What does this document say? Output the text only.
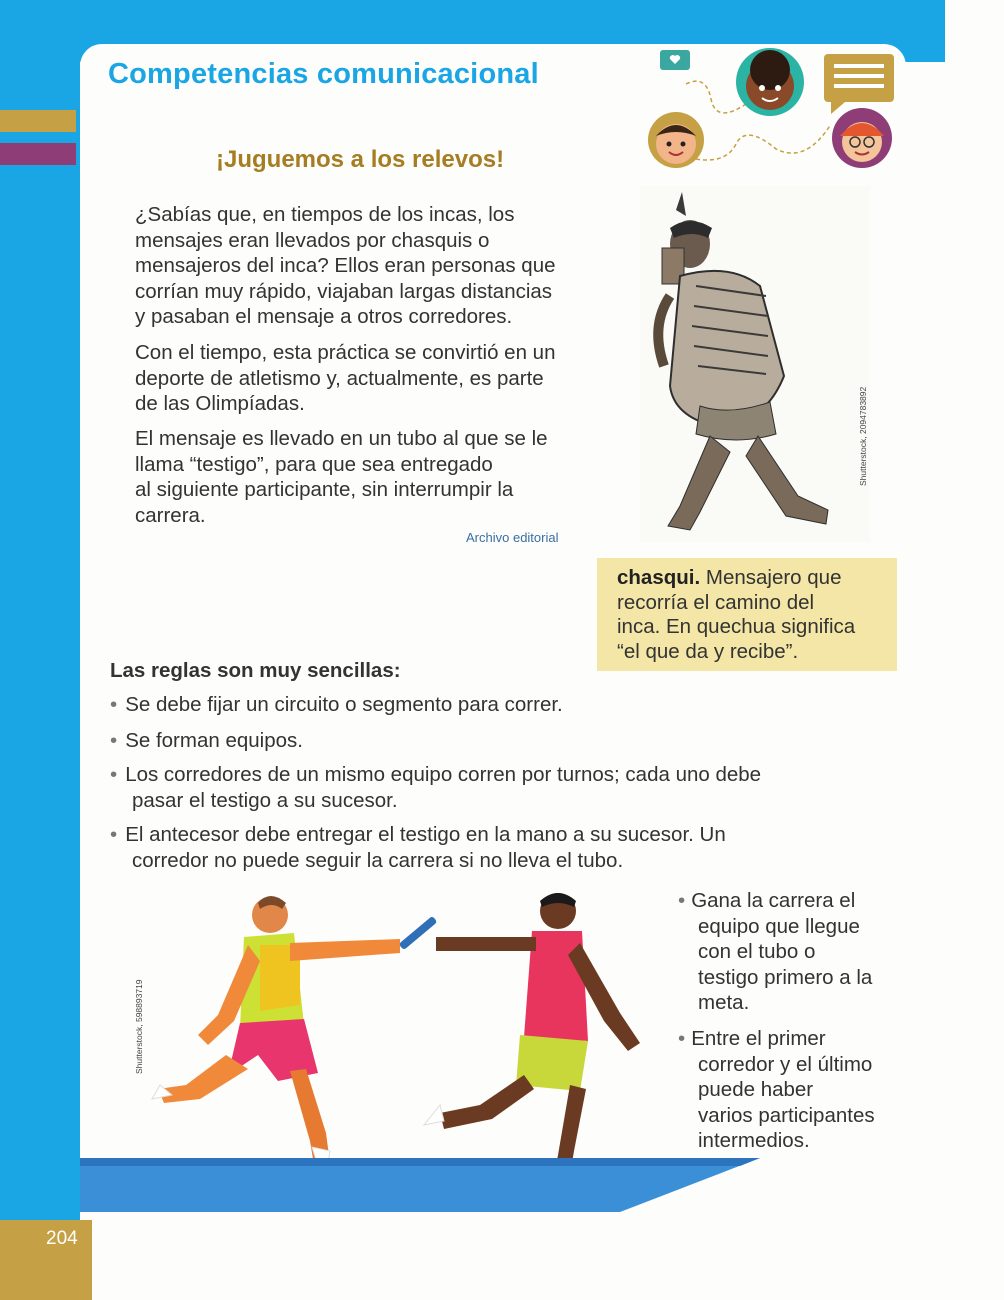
Competencias comunicacional
¡Juguemos a los relevos!
¿Sabías que, en tiempos de los incas, los
mensajes eran llevados por chasquis o
mensajeros del inca? Ellos eran personas que
corrían muy rápido, viajaban largas distancias
y pasaban el mensaje a otros corredores.
Con el tiempo, esta práctica se convirtió en un
deporte de atletismo y, actualmente, es parte
de las Olimpíadas.
El mensaje es llevado en un tubo al que se le
llama “testigo”, para que sea entregado
al siguiente participante, sin interrumpir la
carrera.
Archivo editorial
Shutterstock, 2094783892
chasqui. Mensajero que
recorría el camino del
inca. En quechua significa
“el que da y recibe”.
Las reglas son muy sencillas:
• Se debe fijar un circuito o segmento para correr.
• Se forman equipos.
• Los corredores de un mismo equipo corren por turnos; cada uno debe
pasar el testigo a su sucesor.
• El antecesor debe entregar el testigo en la mano a su sucesor. Un
corredor no puede seguir la carrera si no lleva el tubo.
• Gana la carrera el
equipo que llegue
con el tubo o
testigo primero a la
meta.
• Entre el primer
corredor y el último
puede haber
varios participantes
intermedios.
Shutterstock, 598893719
204
